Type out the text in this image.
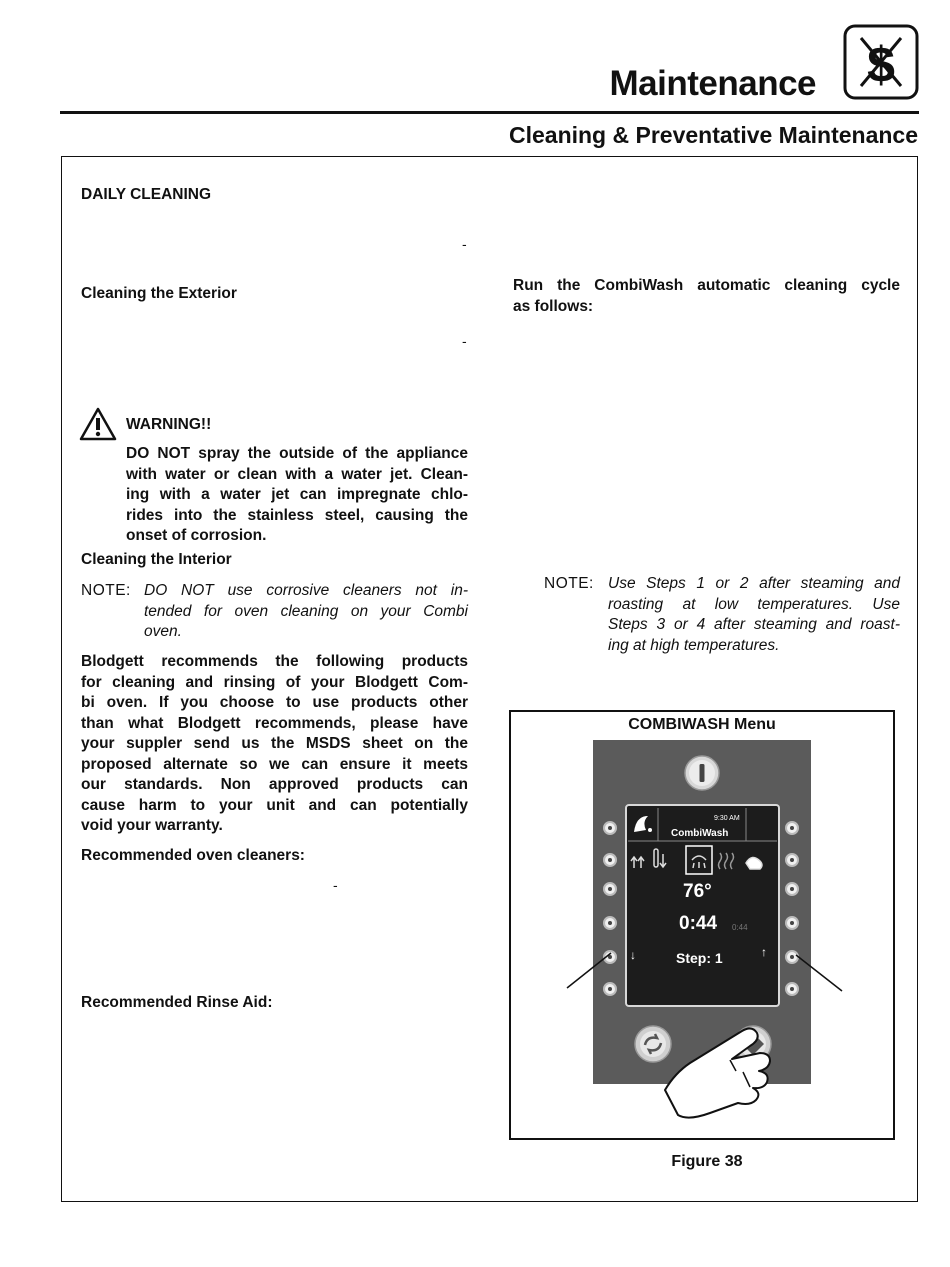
Maintenance $
Cleaning & Preventative Maintenance
DAILY CLEANING
-
Cleaning the Exterior
-
WARNING!!
DO NOT spray the outside of the appliance
with water or clean with a water jet. Clean-
ing with a water jet can impregnate chlo-
rides into the stainless steel, causing the
onset of corrosion.
Cleaning the Interior
NOTE: DO NOT use corrosive cleaners not in-
tended for oven cleaning on your Combi
oven.
Blodgett recommends the following products
for cleaning and rinsing of your Blodgett Com-
bi oven. If you choose to use products other
than what Blodgett recommends, please have
your suppler send us the MSDS sheet on the
proposed alternate so we can ensure it meets
our standards. Non approved products can
cause harm to your unit and can potentially
void your warranty.
Recommended oven cleaners:
-
Recommended Rinse Aid:
Run the CombiWash automatic cleaning cycle
as follows:
NOTE: Use Steps 1 or 2 after steaming and
roasting at low temperatures. Use
Steps 3 or 4 after steaming and roast-
ing at high temperatures.
COMBIWASH Menu
9:30 AM
CombiWash
76°
0:44 0:44
↓	Step: 1	↑
Figure 38
